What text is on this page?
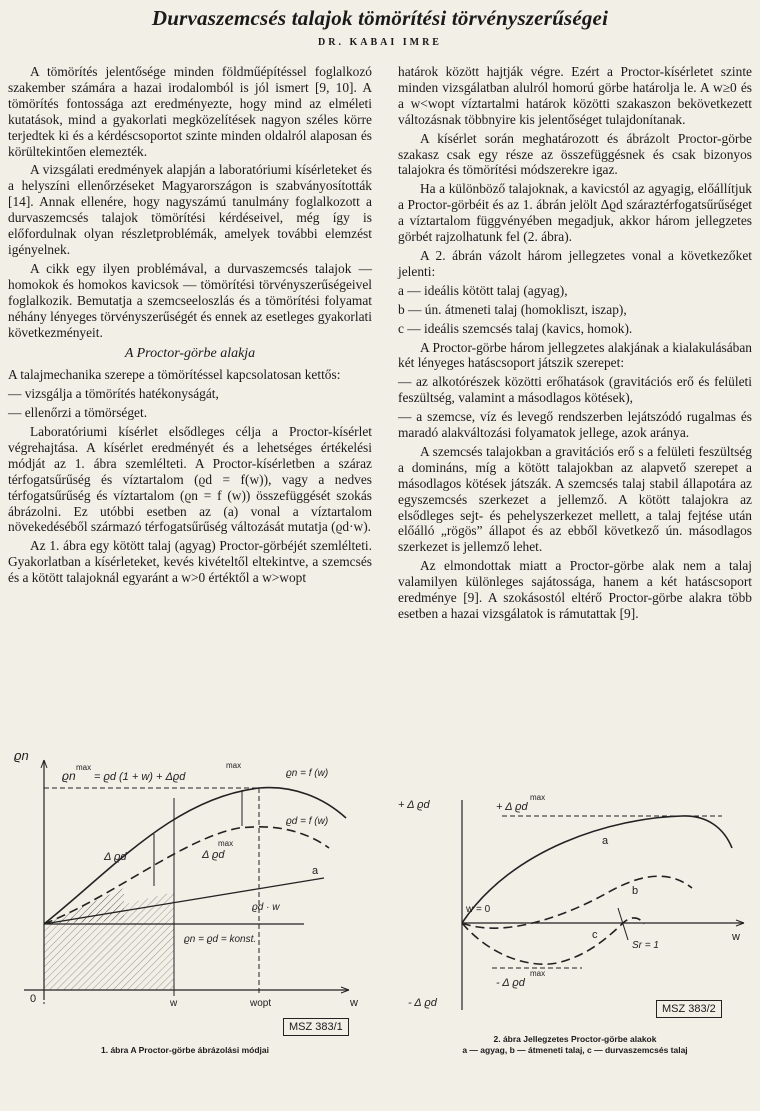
Durvaszemcsés talajok tömörítési törvényszerűségei
DR. KABAI IMRE

A tömörítés jelentősége minden földműépítéssel foglalkozó szakember számára a hazai irodalomból is jól ismert [9, 10]. A tömörítés fontossága azt eredményezte, hogy mind az elméleti kutatások, mind a gyakorlati megközelítések nagyon széles körre terjedtek ki és a kérdéscsoportot szinte minden oldalról alaposan és körültekintően elemezték.

A vizsgálati eredmények alapján a laboratóriumi kísérleteket és a helyszíni ellenőrzéseket Magyarországon is szabványosították [14]. Annak ellenére, hogy nagyszámú tanulmány foglalkozott a durvaszemcsés talajok tömörítési kérdéseivel, még így is előfordulnak olyan részletproblémák, amelyek további elemzést igényelnek.

A cikk egy ilyen problémával, a durvaszemcsés talajok — homokok és homokos kavicsok — tömörítési törvényszerűségeivel foglalkozik. Bemutatja a szemcseeloszlás és a tömörítési folyamat néhány lényeges törvényszerűségét és ennek az esetleges gyakorlati következményeit.

A Proctor-görbe alakja

A talajmechanika szerepe a tömörítéssel kapcsolatosan kettős:

— vizsgálja a tömörítés hatékonyságát,

— ellenőrzi a tömörséget.

Laboratóriumi kísérlet elsődleges célja a Proctor-kísérlet végrehajtása. A kísérlet eredményét és a lehetséges értékelési módját az 1. ábra szemlélteti. A Proctor-kísérletben a száraz térfogatsűrűség és víztartalom (ϱd = f(w)), vagy a nedves térfogatsűrűség és víztartalom (ϱn = f (w)) összefüggését szokás ábrázolni. Ez utóbbi esetben az (a) vonal a víztartalom növekedéséből származó térfogatsűrűség változását mutatja (ϱd·w).

Az 1. ábra egy kötött talaj (agyag) Proctor-görbéjét szemlélteti. Gyakorlatban a kísérleteket, kevés kivételtől eltekintve, a szemcsés és a kötött talajoknál egyaránt a w>0 értéktől a w>wopt

határok között hajtják végre. Ezért a Proctor-kísérletet szinte minden vizsgálatban alulról homorú görbe határolja le. A w≥0 és a w<wopt víztartalmi határok közötti szakaszon bekövetkezett változásnak többnyire kis jelentőséget tulajdonítanak.

A kísérlet során meghatározott és ábrázolt Proctor-görbe szakasz csak egy része az összefüggésnek és csak bizonyos talajokra és tömörítési módszerekre igaz.

Ha a különböző talajoknak, a kavicstól az agyagig, előállítjuk a Proctor-görbéit és az 1. ábrán jelölt Δϱd száraztérfogatsűrűséget a víztartalom függvényében megadjuk, akkor három jellegzetes görbét rajzolhatunk fel (2. ábra).

A 2. ábrán vázolt három jellegzetes vonal a következőket jelenti:

a — ideális kötött talaj (agyag),

b — ún. átmeneti talaj (homokliszt, iszap),

c — ideális szemcsés talaj (kavics, homok).

A Proctor-görbe három jellegzetes alakjának a kialakulásában két lényeges hatáscsoport játszik szerepet:

— az alkotórészek közötti erőhatások (gravitációs erő és felületi feszültség, valamint a másodlagos kötések),

— a szemcse, víz és levegő rendszerben lejátszódó rugalmas és maradó alakváltozási folyamatok jellege, azok aránya.

A szemcsés talajokban a gravitációs erő s a felületi feszültség a domináns, míg a kötött talajokban az alapvető szerepet a másodlagos kötések játszák. A szemcsés talaj stabil állapotára az egyszemcsés szerkezet a jellemző. A kötött talajokra az elsődleges sejt- és pehelyszerkezet mellett, a talaj fejtése után előálló „rögös” állapot és az ebből következő ún. másodlagos szerkezet is jellemző lehet.

Az elmondottak miatt a Proctor-görbe alak nem a talaj valamilyen különleges sajátossága, hanem a két hatáscsoport eredménye [9]. A szokásostól eltérő Proctor-görbe alakra több esetben a hazai vizsgálatok is rámutattak [9].

ϱn
0	w
ϱn
max
= ϱd (1 + w) + Δϱd
max
ϱn = f (w)
ϱd = f (w)
Δ ϱd	Δ ϱd
max
a
ϱd · w
ϱn = ϱd = konst.
w	wopt
MSZ 383/1
1. ábra A Proctor-görbe ábrázolási módjai
+ Δ ϱd
- Δ ϱd
+ Δ ϱd
max
- Δ ϱd
max
w = 0
w
a
b
c
Sr = 1
MSZ 383/2
2. ábra Jellegzetes Proctor-görbe alakok
a — agyag, b — átmeneti talaj, c — durvaszemcsés talaj
